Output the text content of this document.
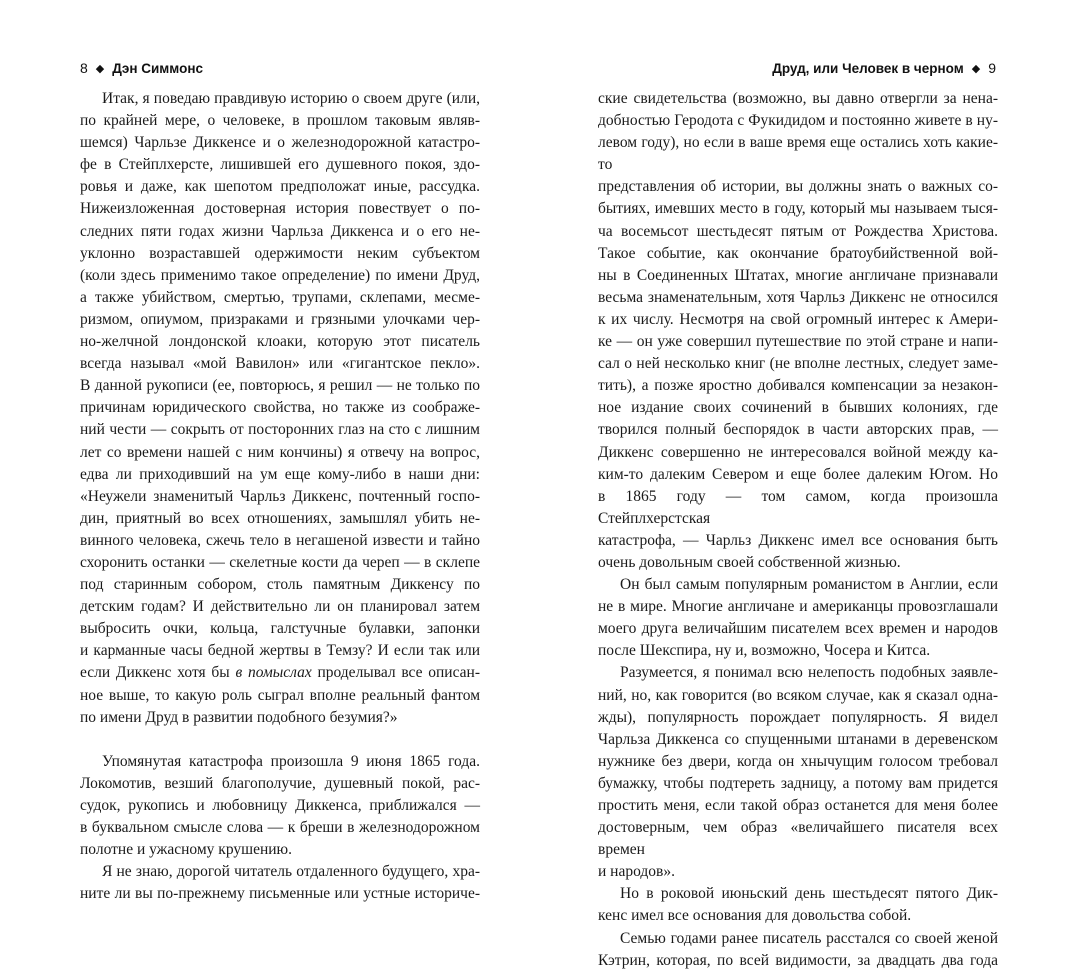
8 ◆ Дэн Симмонс

Итак, я поведаю правдивую историю о своем друге (или,

по крайней мере, о человеке, в прошлом таковым являв-

шемся) Чарльзе Диккенсе и о железнодорожной катастро-

фе в Стейплхерсте, лишившей его душевного покоя, здо-

ровья и даже, как шепотом предположат иные, рассудка.

Нижеизложенная достоверная история повествует о по-

следних пяти годах жизни Чарльза Диккенса и о его не-

уклонно возраставшей одержимости неким субъектом

(коли здесь применимо такое определение) по имени Друд,

а также убийством, смертью, трупами, склепами, месме-

ризмом, опиумом, призраками и грязными улочками чер-

но-желчной лондонской клоаки, которую этот писатель

всегда называл «мой Вавилон» или «гигантское пекло».

В данной рукописи (ее, повторюсь, я решил — не только по

причинам юридического свойства, но также из соображе-

ний чести — сокрыть от посторонних глаз на сто с лишним

лет со времени нашей с ним кончины) я отвечу на вопрос,

едва ли приходивший на ум еще кому-либо в наши дни:

«Неужели знаменитый Чарльз Диккенс, почтенный госпо-

дин, приятный во всех отношениях, замышлял убить не-

винного человека, сжечь тело в негашеной извести и тайно

схоронить останки — скелетные кости да череп — в склепе

под старинным собором, столь памятным Диккенсу по

детским годам? И действительно ли он планировал затем

выбросить очки, кольца, галстучные булавки, запонки

и карманные часы бедной жертвы в Темзу? И если так или

если Диккенс хотя бы в помыслах проделывал все описан-

ное выше, то какую роль сыграл вполне реальный фантом

по имени Друд в развитии подобного безумия?»

Упомянутая катастрофа произошла 9 июня 1865 года.

Локомотив, везший благополучие, душевный покой, рас-

судок, рукопись и любовницу Диккенса, приближался —

в буквальном смысле слова — к бреши в железнодорожном

полотне и ужасному крушению.

Я не знаю, дорогой читатель отдаленного будущего, хра-

ните ли вы по-прежнему письменные или устные историче-

Друд, или Человек в черном ◆ 9

ские свидетельства (возможно, вы давно отвергли за нена-

добностью Геродота с Фукидидом и постоянно живете в ну-

левом году), но если в ваше время еще остались хоть какие-то

представления об истории, вы должны знать о важных со-

бытиях, имевших место в году, который мы называем тыся-

ча восемьсот шестьдесят пятым от Рождества Христова.

Такое событие, как окончание братоубийственной вой-

ны в Соединенных Штатах, многие англичане признавали

весьма знаменательным, хотя Чарльз Диккенс не относился

к их числу. Несмотря на свой огромный интерес к Амери-

ке — он уже совершил путешествие по этой стране и напи-

сал о ней несколько книг (не вполне лестных, следует заме-

тить), а позже яростно добивался компенсации за незакон-

ное издание своих сочинений в бывших колониях, где

творился полный беспорядок в части авторских прав, —

Диккенс совершенно не интересовался войной между ка-

ким-то далеким Севером и еще более далеким Югом. Но

в 1865 году — том самом, когда произошла Стейплхерстская

катастрофа, — Чарльз Диккенс имел все основания быть

очень довольным своей собственной жизнью.

Он был самым популярным романистом в Англии, если

не в мире. Многие англичане и американцы провозглашали

моего друга величайшим писателем всех времен и народов

после Шекспира, ну и, возможно, Чосера и Китса.

Разумеется, я понимал всю нелепость подобных заявле-

ний, но, как говорится (во всяком случае, как я сказал одна-

жды), популярность порождает популярность. Я видел

Чарльза Диккенса со спущенными штанами в деревенском

нужнике без двери, когда он хнычущим голосом требовал

бумажку, чтобы подтереть задницу, а потому вам придется

простить меня, если такой образ останется для меня более

достоверным, чем образ «величайшего писателя всех времен

и народов».

Но в роковой июньский день шестьдесят пятого Дик-

кенс имел все основания для довольства собой.

Семью годами ранее писатель расстался со своей женой

Кэтрин, которая, по всей видимости, за двадцать два года
